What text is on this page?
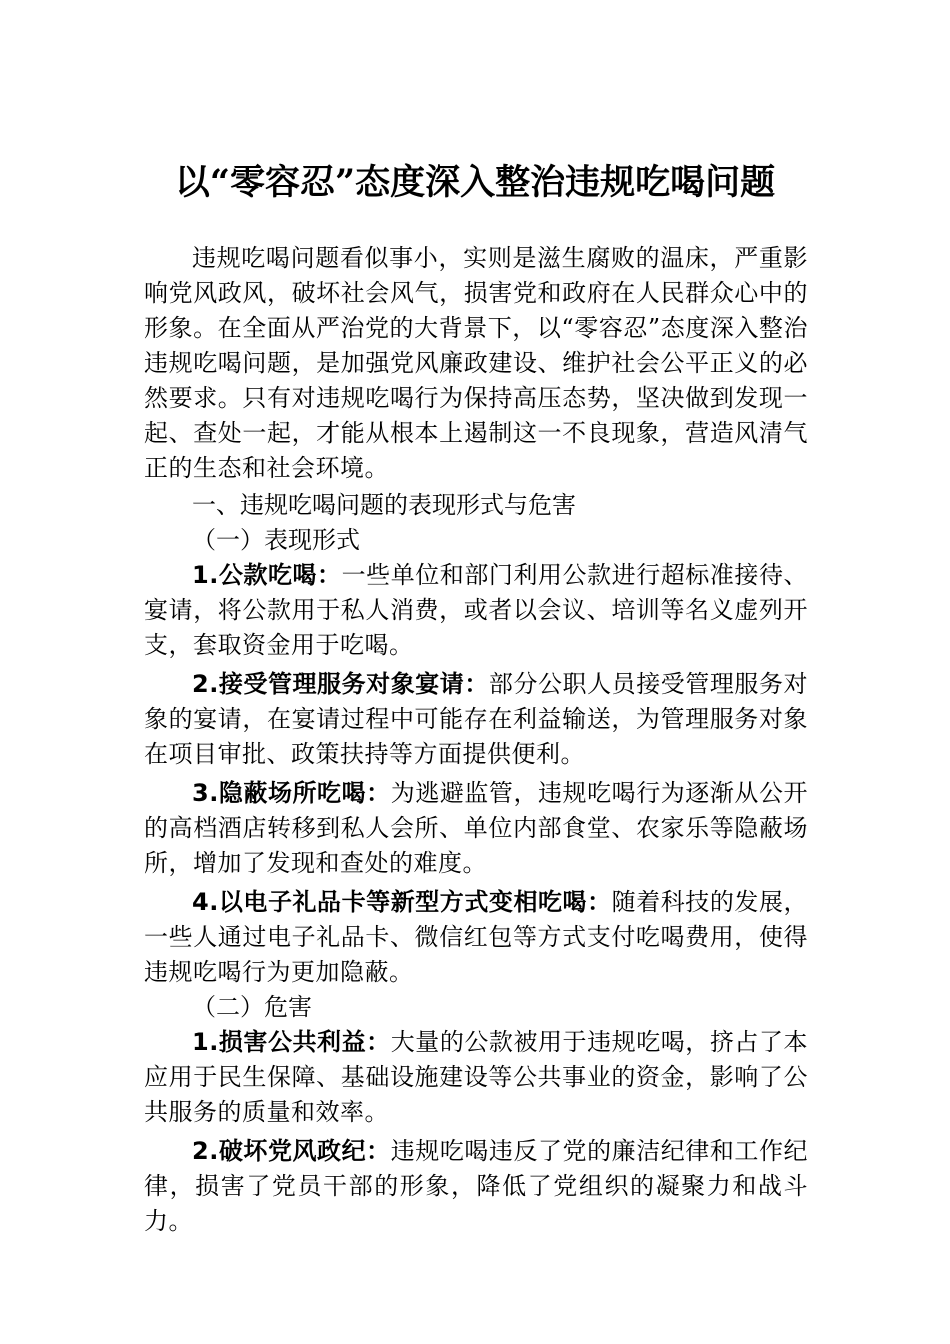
以“零容忍”态度深入整治违规吃喝问题

违规吃喝问题看似事小，实则是滋生腐败的温床，严重影响党风政风，破坏社会风气，损害党和政府在人民群众心中的形象。在全面从严治党的大背景下，以“零容忍”态度深入整治违规吃喝问题，是加强党风廉政建设、维护社会公平正义的必然要求。只有对违规吃喝行为保持高压态势，坚决做到发现一起、查处一起，才能从根本上遏制这一不良现象，营造风清气正的生态和社会环境。

一、违规吃喝问题的表现形式与危害

（一）表现形式

1.公款吃喝：一些单位和部门利用公款进行超标准接待、宴请，将公款用于私人消费，或者以会议、培训等名义虚列开支，套取资金用于吃喝。

2.接受管理服务对象宴请：部分公职人员接受管理服务对象的宴请，在宴请过程中可能存在利益输送，为管理服务对象在项目审批、政策扶持等方面提供便利。

3.隐蔽场所吃喝：为逃避监管，违规吃喝行为逐渐从公开的高档酒店转移到私人会所、单位内部食堂、农家乐等隐蔽场所，增加了发现和查处的难度。

4.以电子礼品卡等新型方式变相吃喝：随着科技的发展，一些人通过电子礼品卡、微信红包等方式支付吃喝费用，使得违规吃喝行为更加隐蔽。

（二）危害

1.损害公共利益：大量的公款被用于违规吃喝，挤占了本应用于民生保障、基础设施建设等公共事业的资金，影响了公共服务的质量和效率。

2.破坏党风政纪：违规吃喝违反了党的廉洁纪律和工作纪律，损害了党员干部的形象，降低了党组织的凝聚力和战斗力。
